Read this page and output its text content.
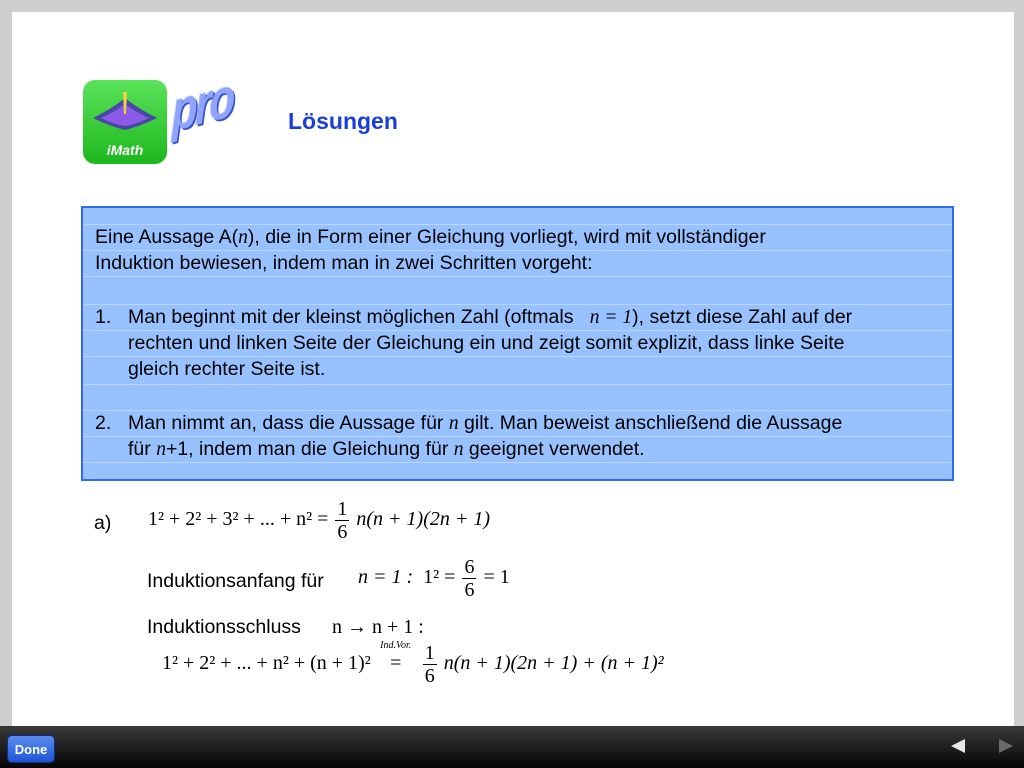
iMath
pro Lösungen

Eine Aussage A(n), die in Form einer Gleichung vorliegt, wird mit vollständiger

Induktion bewiesen, indem man in zwei Schritten vorgeht:

1. Man beginnt mit der kleinst möglichen Zahl (oftmals n = 1), setzt diese Zahl auf der

rechten und linken Seite der Gleichung ein und zeigt somit explizit, dass linke Seite

gleich rechter Seite ist.

2. Man nimmt an, dass die Aussage für n gilt. Man beweist anschließend die Aussage

für n+1, indem man die Gleichung für n geeignet verwendet.

a) 1² + 2² + 3² + ... + $n^2 = \frac{1}{6} n(n + 1)(2n + 1)$
Induktionsanfang für n = 1 : $1^2 = \frac{6}{6} = 1$
Induktionsschluss n → n + 1 :
1² + 2² + ... + n² + (n + 1)²
Ind.Vor.
= $\frac{1}{6} n(n + 1)(2n + 1) + (n + 1)^2$
Done
